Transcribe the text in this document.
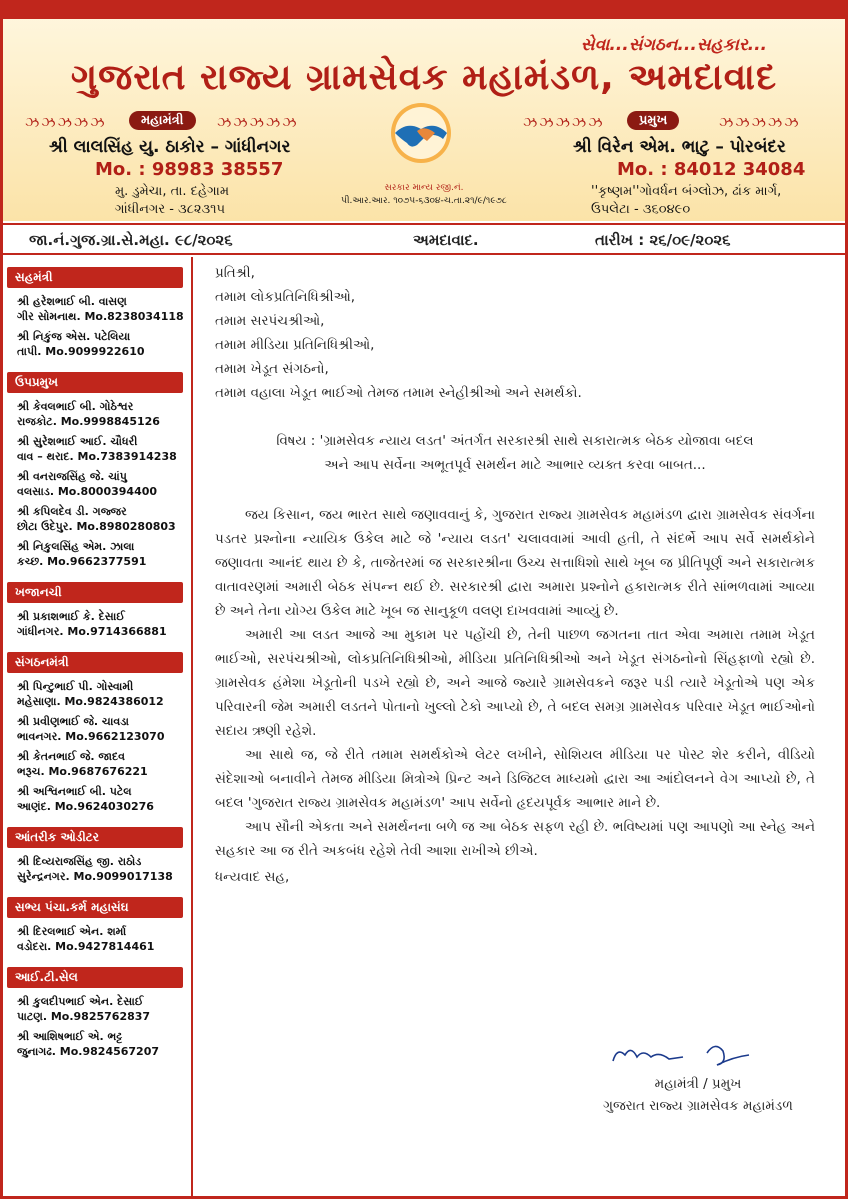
સેવા...સંગઠન...સહકાર...
ગુજરાત રાજ્ય ગ્રામસેવક મહામંડળ, અમદાવાદ
ઝઝઝઝઝ	મહામંત્રી	ઝઝઝઝઝ	ઝઝઝઝઝ	પ્રમુખ	ઝઝઝઝઝ
શ્રી લાલસિંહ યુ. ઠાકોર – ગાંધીનગર
Mo. : 98983 38557
મુ. ડુમેચા, તા. દહેગામ
ગાંધીનગર - ૩૮૨૩૧૫
શ્રી વિરેન એમ. ભાટુ – પોરબંદર
Mo. : 84012 34084
''કૃષ્ણમ''ગોવર્ધન બંગ્લોઝ, ઢાંક માર્ગ,
ઉપલેટા - ૩૬૦૪૯૦
સરકાર માન્ય રજી.નં.
પી.આર.આર. ૧૦૭૫-૬૩૦૪-ચ.તા.૨૧/૯/૧૯૭૮
જા.નં.ગુજ.ગ્રા.સે.મહા. ૯૮/૨૦૨૬	અમદાવાદ.	તારીખ : ૨૬/૦૯/૨૦૨૬
સહમંત્રી
શ્રી હરેશભાઈ બી. વાસણ
ગીર સોમનાથ. Mo.8238034118
શ્રી નિકુંજ એસ. પટેલિયા
તાપી. Mo.9099922610
ઉપપ્રમુખ
શ્રી કેવલભાઈ બી. ગોઠેશ્વર
રાજકોટ. Mo.9998845126
શ્રી સુરેશભાઈ આઈ. ચૌધરી
વાવ – થરાદ. Mo.7383914238
શ્રી વનરાજસિંહ જે. ચાંપુ
વલસાડ. Mo.8000394400
શ્રી કપિલદેવ ડી. ગજ્જર
છોટા ઉદેપુર. Mo.8980280803
શ્રી નિકુલસિંહ એમ. ઝાલા
કચ્છ. Mo.9662377591
ખજાનચી
શ્રી પ્રકાશભાઈ કે. દેસાઈ
ગાંધીનગર. Mo.9714366881
સંગઠનમંત્રી
શ્રી પિન્ટુભાઈ પી. ગોસ્વામી
મહેસાણા. Mo.9824386012
શ્રી પ્રવીણભાઈ જે. ચાવડા
ભાવનગર. Mo.9662123070
શ્રી કેતનભાઈ જે. જાદવ
ભરૂચ. Mo.9687676221
શ્રી અશ્વિનભાઈ બી. પટેલ
આણંદ. Mo.9624030276
આંતરીક ઓડીટર
શ્રી દિવ્યરાજસિંહ જી. રાઠોડ
સુરેન્દ્રનગર. Mo.9099017138
સભ્ય પંચા.કર્મ મહાસંઘ
શ્રી દિરલભાઈ એન. શર્મા
વડોદરા. Mo.9427814461
આઈ.ટી.સેલ
શ્રી કુલદીપભાઈ એન. દેસાઈ
પાટણ. Mo.9825762837
શ્રી આશિષભાઈ એ. ભટ્ટ
જુનાગઢ. Mo.9824567207

પ્રતિશ્રી,

તમામ લોકપ્રતિનિધિશ્રીઓ,

તમામ સરપંચશ્રીઓ,

તમામ મીડિયા પ્રતિનિધિશ્રીઓ,

તમામ ખેડૂત સંગઠનો,

તમામ વહાલા ખેડૂત ભાઈઓ તેમજ તમામ સ્નેહીશ્રીઓ અને સમર્થકો.

વિષય : 'ગ્રામસેવક ન્યાય લડત' અંતર્ગત સરકારશ્રી સાથે સકારાત્મક બેઠક યોજાવા બદલ
અને આપ સર્વેના અભૂતપૂર્વ સમર્થન માટે આભાર વ્યક્ત કરવા બાબત...

જય કિસાન, જય ભારત સાથે જણાવવાનું કે, ગુજરાત રાજ્ય ગ્રામસેવક મહામંડળ દ્વારા ગ્રામસેવક સંવર્ગના પડતર પ્રશ્નોના ન્યાયિક ઉકેલ માટે જે 'ન્યાય લડત' ચલાવવામાં આવી હતી, તે સંદર્ભે આપ સર્વે સમર્થકોને જણાવતા આનંદ થાય છે કે, તાજેતરમાં જ સરકારશ્રીના ઉચ્ચ સત્તાધિશો સાથે ખૂબ જ પ્રીતિપૂર્ણ અને સકારાત્મક વાતાવરણમાં અમારી બેઠક સંપન્ન થઈ છે. સરકારશ્રી દ્વારા અમારા પ્રશ્નોને હકારાત્મક રીતે સાંભળવામાં આવ્યા છે અને તેના યોગ્ય ઉકેલ માટે ખૂબ જ સાનુકૂળ વલણ દાખવવામાં આવ્યું છે.

અમારી આ લડત આજે આ મુકામ પર પહોંચી છે, તેની પાછળ જગતના તાત એવા અમારા તમામ ખેડૂત ભાઈઓ, સરપંચશ્રીઓ, લોકપ્રતિનિધિશ્રીઓ, મીડિયા પ્રતિનિધિશ્રીઓ અને ખેડૂત સંગઠનોનો સિંહફાળો રહ્યો છે. ગ્રામસેવક હંમેશા ખેડૂતોની પડખે રહ્યો છે, અને આજે જ્યારે ગ્રામસેવકને જરૂર પડી ત્યારે ખેડૂતોએ પણ એક પરિવારની જેમ અમારી લડતને પોતાનો ખુલ્લો ટેકો આપ્યો છે, તે બદલ સમગ્ર ગ્રામસેવક પરિવાર ખેડૂત ભાઈઓનો સદાય ઋણી રહેશે.

આ સાથે જ, જે રીતે તમામ સમર્થકોએ લેટર લખીને, સોશિયલ મીડિયા પર પોસ્ટ શેર કરીને, વીડિયો સંદેશાઓ બનાવીને તેમજ મીડિયા મિત્રોએ પ્રિન્ટ અને ડિજિટલ માધ્યમો દ્વારા આ આંદોલનને વેગ આપ્યો છે, તે બદલ 'ગુજરાત રાજ્ય ગ્રામસેવક મહામંડળ' આપ સર્વેનો હૃદયપૂર્વક આભાર માને છે.

આપ સૌની એકતા અને સમર્થનના બળે જ આ બેઠક સફળ રહી છે. ભવિષ્યમાં પણ આપણો આ સ્નેહ અને સહકાર આ જ રીતે અકબંધ રહેશે તેવી આશા રાખીએ છીએ.

ધન્યવાદ સહ,
મહામંત્રી / પ્રમુખ
ગુજરાત રાજ્ય ગ્રામસેવક મહામંડળ
